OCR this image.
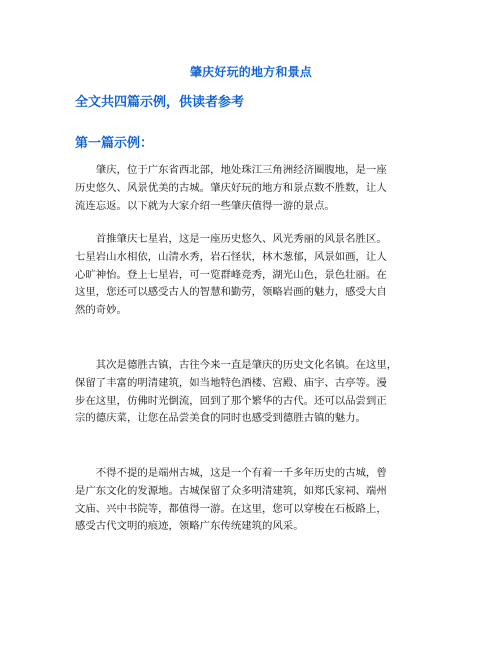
肇庆好玩的地方和景点
全文共四篇示例，供读者参考
第一篇示例：
　　肇庆，位于广东省西北部，地处珠江三角洲经济圈腹地，是一座
历史悠久、风景优美的古城。肇庆好玩的地方和景点数不胜数，让人
流连忘返。以下就为大家介绍一些肇庆值得一游的景点。
　　首推肇庆七星岩，这是一座历史悠久、风光秀丽的风景名胜区。
七星岩山水相依，山清水秀，岩石怪状，林木葱郁，风景如画，让人
心旷神怡。登上七星岩，可一览群峰竞秀，湖光山色，景色壮丽。在
这里，您还可以感受古人的智慧和勤劳，领略岩画的魅力，感受大自
然的奇妙。
　　其次是德胜古镇，古往今来一直是肇庆的历史文化名镇。在这里，
保留了丰富的明清建筑，如当地特色酒楼、宫殿、庙宇、古亭等。漫
步在这里，仿佛时光倒流，回到了那个繁华的古代。还可以品尝到正
宗的德庆菜，让您在品尝美食的同时也感受到德胜古镇的魅力。
　　不得不提的是端州古城，这是一个有着一千多年历史的古城，曾
是广东文化的发源地。古城保留了众多明清建筑，如郑氏家祠、端州
文庙、兴中书院等，都值得一游。在这里，您可以穿梭在石板路上，
感受古代文明的痕迹，领略广东传统建筑的风采。
